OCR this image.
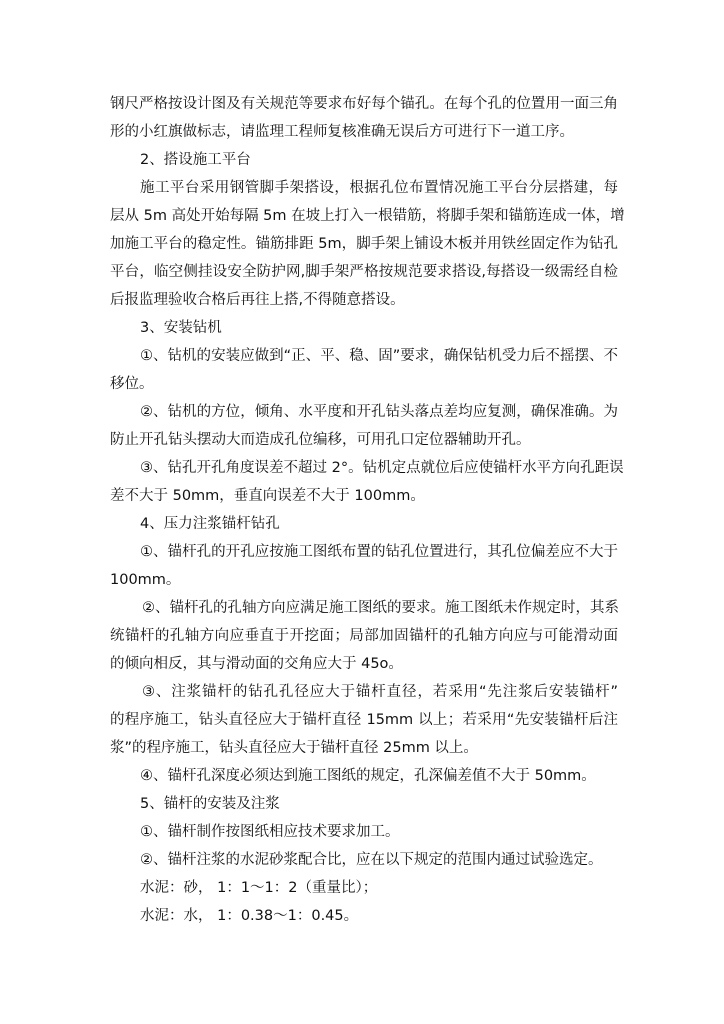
钢尺严格按设计图及有关规范等要求布好每个锚孔。在每个孔的位置用一面三角
形的小红旗做标志，请监理工程师复核准确无误后方可进行下一道工序。
2、搭设施工平台
施工平台采用钢管脚手架搭设，根据孔位布置情况施工平台分层搭建，每
层从 5m 高处开始每隔 5m 在坡上打入一根错筋，将脚手架和锚筋连成一体，增
加施工平台的稳定性。锚筋排距 5m，脚手架上铺设木板并用铁丝固定作为钻孔
平台，临空侧挂设安全防护网,脚手架严格按规范要求搭设,每搭设一级需经自检
后报监理验收合格后再往上搭,不得随意搭设。
3、安装钻机
①、钻机的安装应做到“正、平、稳、固”要求，确保钻机受力后不摇摆、不
移位。
②、钻机的方位，倾角、水平度和开孔钻头落点差均应复测，确保准确。为
防止开孔钻头摆动大而造成孔位编移，可用孔口定位器辅助开孔。
③、钻孔开孔角度误差不超过 2°。钻机定点就位后应使锚杆水平方向孔距误
差不大于 50mm，垂直向误差不大于 100mm。
4、压力注浆锚杆钻孔
①、锚杆孔的开孔应按施工图纸布置的钻孔位置进行，其孔位偏差应不大于
100mm。
②、锚杆孔的孔轴方向应满足施工图纸的要求。施工图纸未作规定时，其系
统锚杆的孔轴方向应垂直于开挖面；局部加固锚杆的孔轴方向应与可能滑动面
的倾向相反，其与滑动面的交角应大于 45o。
③、注浆锚杆的钻孔孔径应大于锚杆直径，若采用“先注浆后安装锚杆”
的程序施工，钻头直径应大于锚杆直径 15mm 以上；若采用“先安装锚杆后注
浆”的程序施工，钻头直径应大于锚杆直径 25mm 以上。
④、锚杆孔深度必须达到施工图纸的规定，孔深偏差值不大于 50mm。
5、锚杆的安装及注浆
①、锚杆制作按图纸相应技术要求加工。
②、锚杆注浆的水泥砂浆配合比，应在以下规定的范围内通过试验选定。
水泥：砂， 1：1～1：2（重量比）；
水泥：水， 1：0.38～1：0.45。
